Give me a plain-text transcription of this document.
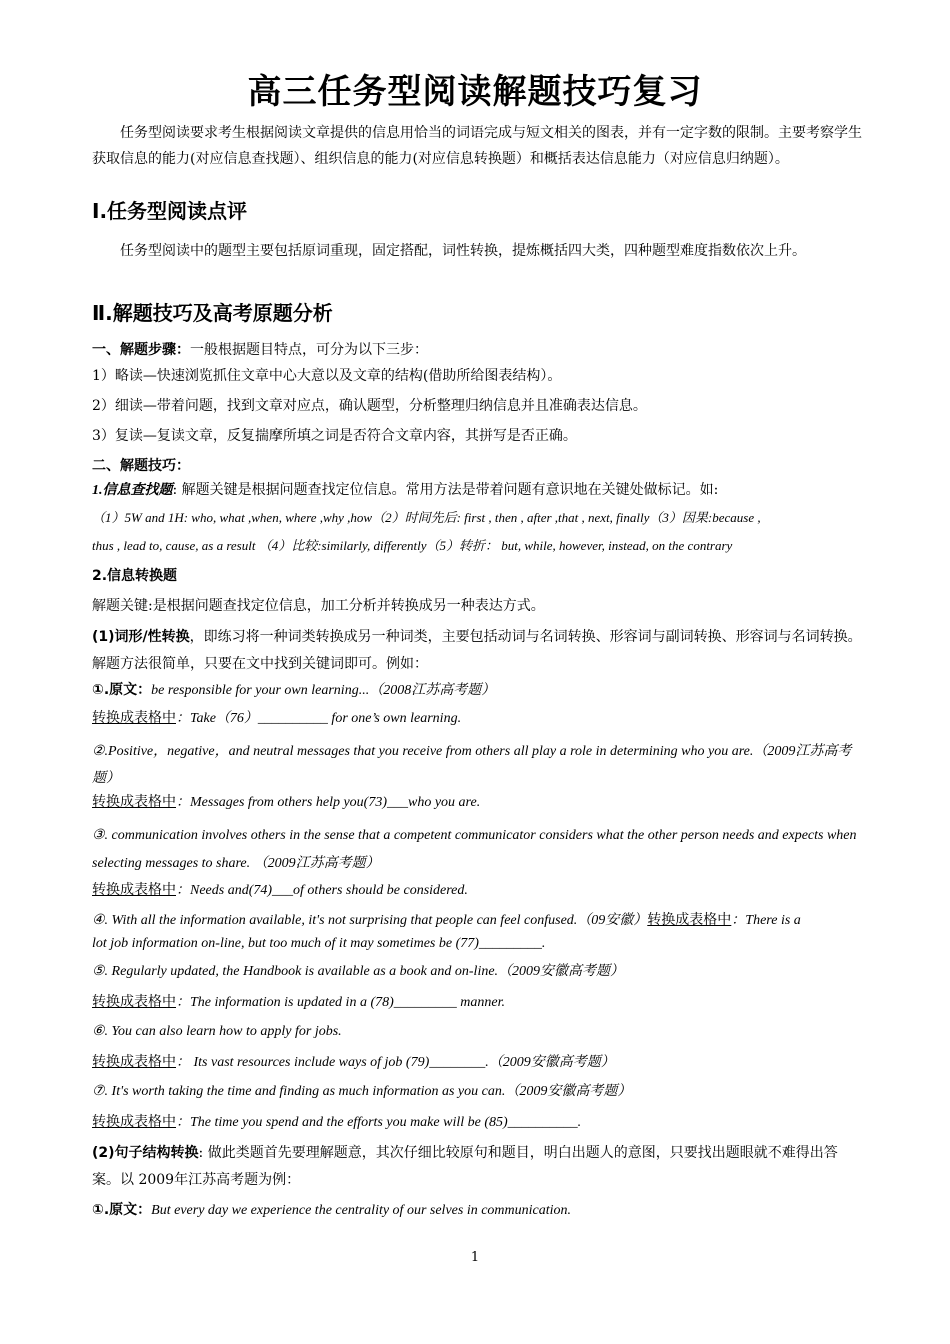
高三任务型阅读解题技巧复习
任务型阅读要求考生根据阅读文章提供的信息用恰当的词语完成与短文相关的图表，并有一定字数的限制。主要考察学生获取信息的能力(对应信息查找题）、组织信息的能力(对应信息转换题）和概括表达信息能力（对应信息归纳题）。
Ⅰ.任务型阅读点评
任务型阅读中的题型主要包括原词重现，固定搭配，词性转换，提炼概括四大类，四种题型难度指数依次上升。
Ⅱ.解题技巧及高考原题分析
一、解题步骤：一般根据题目特点，可分为以下三步：
1）略读—快速浏览抓住文章中心大意以及文章的结构(借助所给图表结构）。
2）细读—带着问题，找到文章对应点，确认题型，分析整理归纳信息并且准确表达信息。
3）复读—复读文章，反复揣摩所填之词是否符合文章内容，其拼写是否正确。
二、解题技巧：
1.信息查找题: 解题关键是根据问题查找定位信息。常用方法是带着问题有意识地在关键处做标记。如:
（1）5W and 1H: who, what ,when, where ,why ,how（2）时间先后: first , then , after ,that , next, finally（3）因果:because ,
thus , lead to, cause, as a result （4）比较:similarly, differently（5）转折： but, while, however, instead, on the contrary
2.信息转换题
解题关键:是根据问题查找定位信息，加工分析并转换成另一种表达方式。
(1)词形/性转换，即练习将一种词类转换成另一种词类，主要包括动词与名词转换、形容词与副词转换、形容词与名词转换。解题方法很简单，只要在文中找到关键词即可。例如：
①.原文：be responsible for your own learning...（2008江苏高考题）
转换成表格中：Take（76）__________ for one’s own learning.
②.Positive，negative，and neutral messages that you receive from others all play a role in determining who you are.（2009江苏高考题）
转换成表格中：Messages from others help you(73)___who you are.
③. communication involves others in the sense that a competent communicator considers what the other person needs and expects when selecting messages to share. （2009江苏高考题）
转换成表格中：Needs and(74)___of others should be considered.
④. With all the information available, it's not surprising that people can feel confused.（09安徽）转换成表格中：There is a
lot job information on-line, but too much of it may sometimes be (77)_________.
⑤. Regularly updated, the Handbook is available as a book and on-line.（2009安徽高考题）
转换成表格中：The information is updated in a (78)_________ manner.
⑥. You can also learn how to apply for jobs.
转换成表格中： Its vast resources include ways of job (79)________.（2009安徽高考题）
⑦. It's worth taking the time and finding as much information as you can.（2009安徽高考题）
转换成表格中：The time you spend and the efforts you make will be (85)__________.
(2)句子结构转换: 做此类题首先要理解题意，其次仔细比较原句和题目，明白出题人的意图，只要找出题眼就不难得出答案。以 2009年江苏高考题为例：
①.原文：But every day we experience the centrality of our selves in communication.
1
